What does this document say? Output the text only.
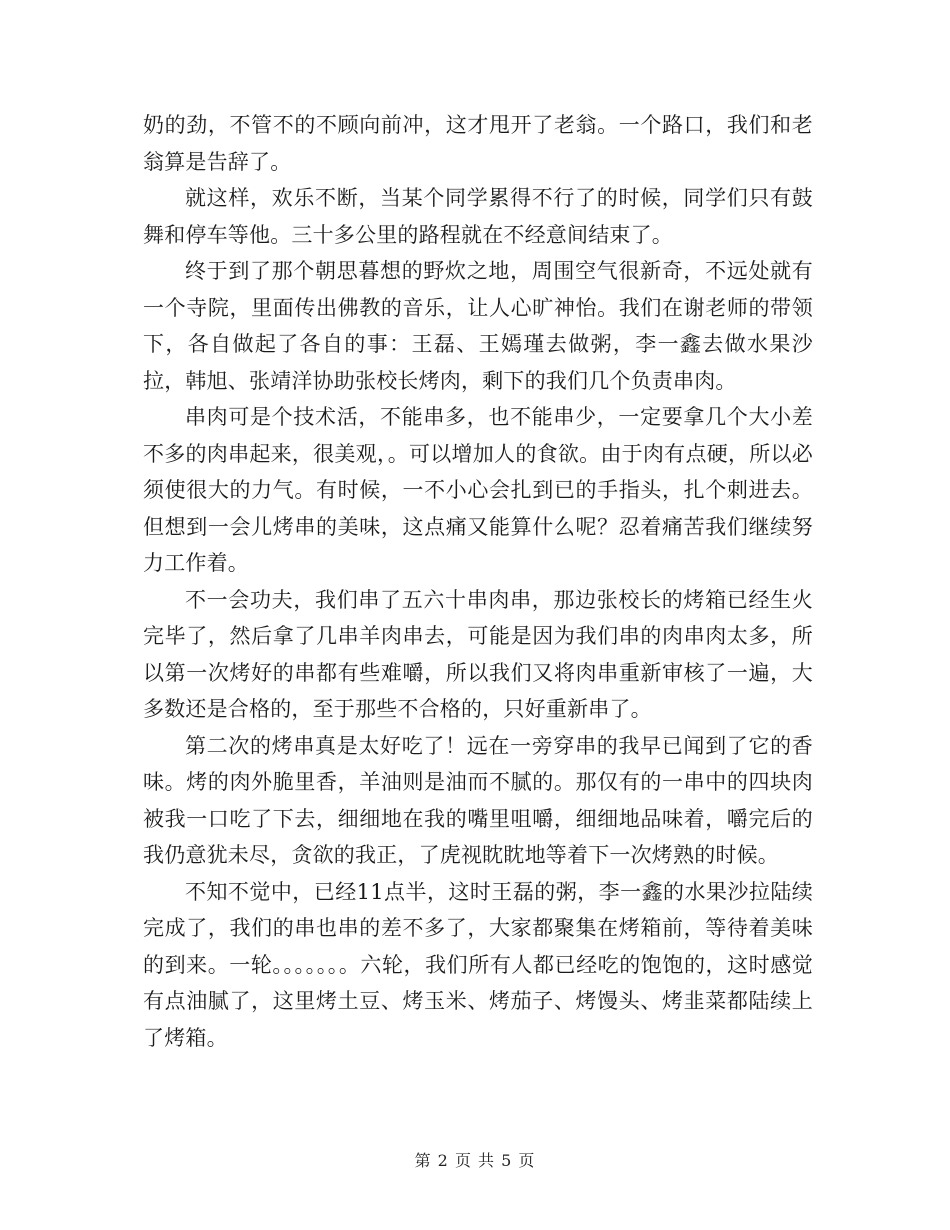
奶的劲，不管不的不顾向前冲，这才甩开了老翁。一个路口，我们和老翁算是告辞了。

就这样，欢乐不断，当某个同学累得不行了的时候，同学们只有鼓舞和停车等他。三十多公里的路程就在不经意间结束了。

终于到了那个朝思暮想的野炊之地，周围空气很新奇，不远处就有一个寺院，里面传出佛教的音乐，让人心旷神怡。我们在谢老师的带领下，各自做起了各自的事：王磊、王嫣瑾去做粥，李一鑫去做水果沙拉，韩旭、张靖洋协助张校长烤肉，剩下的我们几个负责串肉。

串肉可是个技术活，不能串多，也不能串少，一定要拿几个大小差不多的肉串起来，很美观，。可以增加人的食欲。由于肉有点硬，所以必须使很大的力气。有时候，一不小心会扎到已的手指头，扎个刺进去。但想到一会儿烤串的美味，这点痛又能算什么呢？忍着痛苦我们继续努力工作着。

不一会功夫，我们串了五六十串肉串，那边张校长的烤箱已经生火完毕了，然后拿了几串羊肉串去，可能是因为我们串的肉串肉太多，所以第一次烤好的串都有些难嚼，所以我们又将肉串重新审核了一遍，大多数还是合格的，至于那些不合格的，只好重新串了。

第二次的烤串真是太好吃了！远在一旁穿串的我早已闻到了它的香味。烤的肉外脆里香，羊油则是油而不腻的。那仅有的一串中的四块肉被我一口吃了下去，细细地在我的嘴里咀嚼，细细地品味着，嚼完后的我仍意犹未尽，贪欲的我正，了虎视眈眈地等着下一次烤熟的时候。

不知不觉中，已经11点半，这时王磊的粥，李一鑫的水果沙拉陆续完成了，我们的串也串的差不多了，大家都聚集在烤箱前，等待着美味的到来。一轮。。。。。。。六轮，我们所有人都已经吃的饱饱的，这时感觉有点油腻了，这里烤土豆、烤玉米、烤茄子、烤馒头、烤韭菜都陆续上了烤箱。

第 2 页 共 5 页
